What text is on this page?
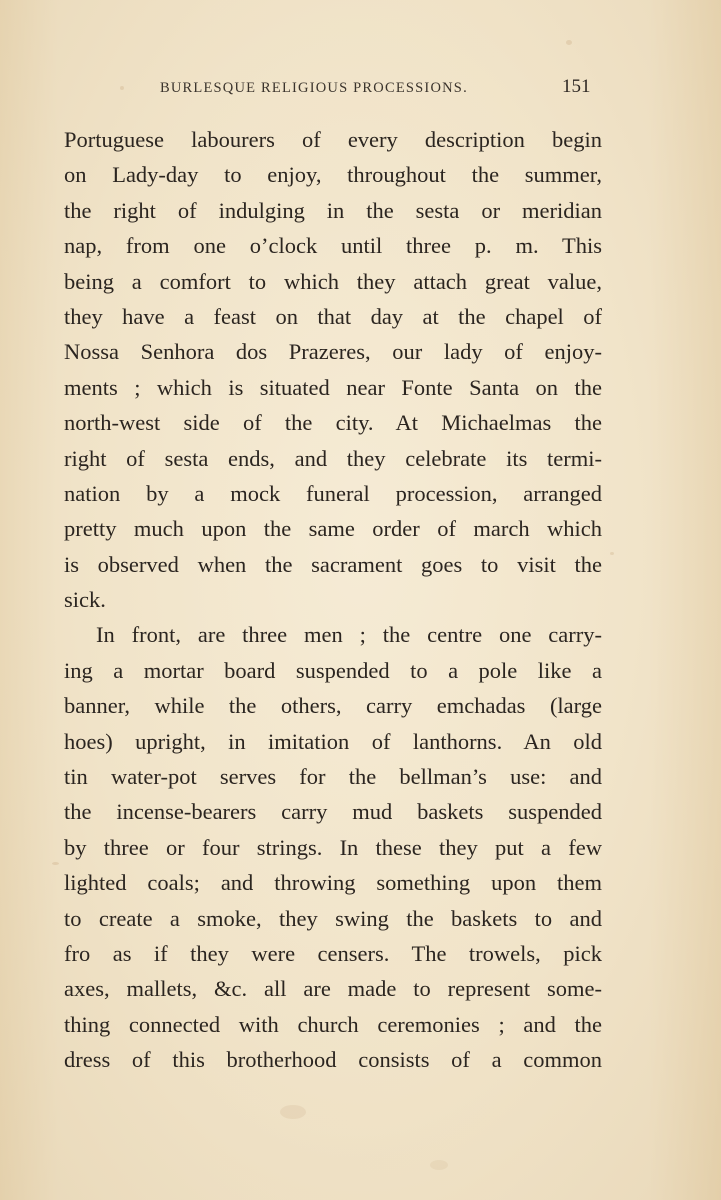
BURLESQUE RELIGIOUS PROCESSIONS.	151
Portuguese labourers of every description begin
on Lady-day to enjoy, throughout the summer,
the right of indulging in the sesta or meridian
nap, from one o’clock until three p. m. This
being a comfort to which they attach great value,
they have a feast on that day at the chapel of
Nossa Senhora dos Prazeres, our lady of enjoy-
ments ; which is situated near Fonte Santa on the
north-west side of the city. At Michaelmas the
right of sesta ends, and they celebrate its termi-
nation by a mock funeral procession, arranged
pretty much upon the same order of march which
is observed when the sacrament goes to visit the
sick.
In front, are three men ; the centre one carry-
ing a mortar board suspended to a pole like a
banner, while the others, carry emchadas (large
hoes) upright, in imitation of lanthorns. An old
tin water-pot serves for the bellman’s use: and
the incense-bearers carry mud baskets suspended
by three or four strings. In these they put a few
lighted coals; and throwing something upon them
to create a smoke, they swing the baskets to and
fro as if they were censers. The trowels, pick
axes, mallets, &c. all are made to represent some-
thing connected with church ceremonies ; and the
dress of this brotherhood consists of a common
